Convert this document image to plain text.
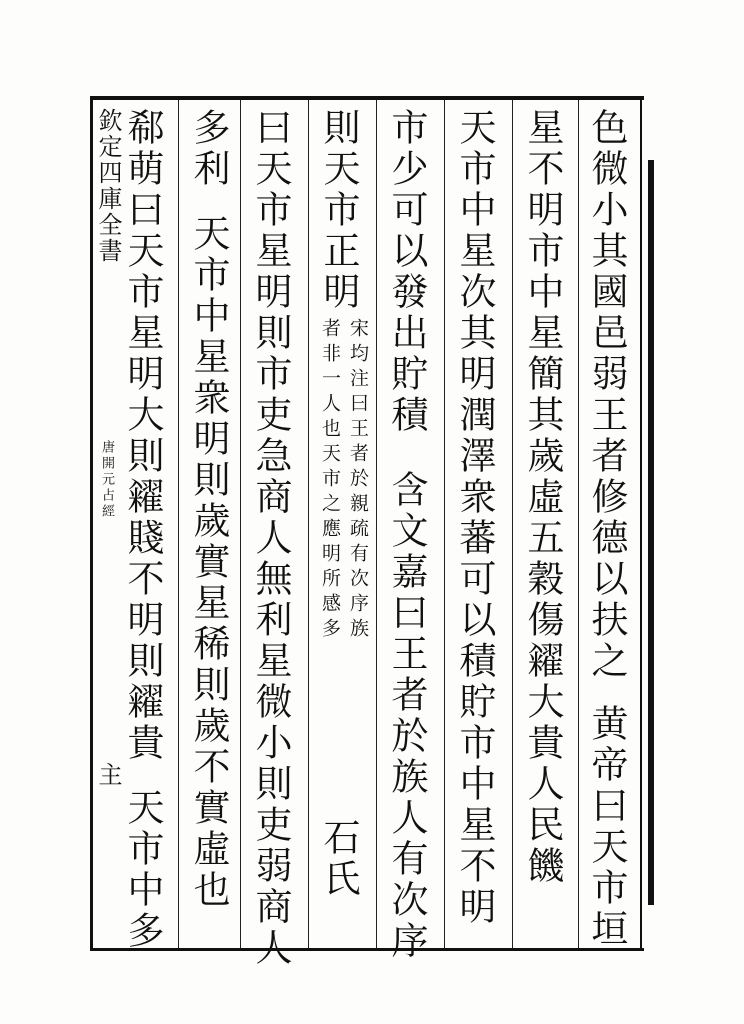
欽定四庫全書
唐開元占經
主
色微小其國邑弱王者修德以扶之黄帝曰天市垣
星不明市中星簡其歲虛五穀傷糴大貴人民饑
天市中星次其明潤澤衆蕃可以積貯市中星不明
市少可以發出貯積含文嘉曰王者於族人有次序
則天市正明
宋均注曰王者於親疏有次序族
者非一人也天市之應明所感多
石氏
曰天市星明則市吏急商人無利星微小則吏弱商人
多利天市中星衆明則歲實星稀則歲不實虛也
郗萌曰天市星明大則糴賤不明則糴貴天市中多
